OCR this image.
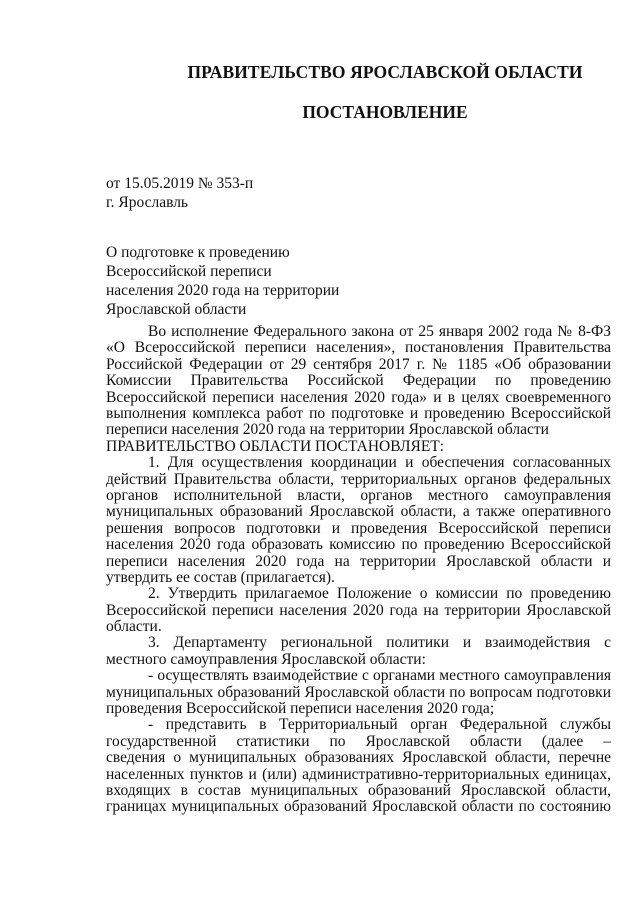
ПРАВИТЕЛЬСТВО ЯРОСЛАВСКОЙ ОБЛАСТИ
ПОСТАНОВЛЕНИЕ
от 15.05.2019 № 353-п
г. Ярославль
О подготовке к проведению
Всероссийской переписи
населения 2020 года на территории
Ярославской области
Во исполнение Федерального закона от 25 января 2002 года № 8-ФЗ
«О Всероссийской переписи населения», постановления Правительства
Российской Федерации от 29 сентября 2017 г. № 1185 «Об образовании
Комиссии Правительства Российской Федерации по проведению
Всероссийской переписи населения 2020 года» и в целях своевременного
выполнения комплекса работ по подготовке и проведению Всероссийской
переписи населения 2020 года на территории Ярославской области
ПРАВИТЕЛЬСТВО ОБЛАСТИ ПОСТАНОВЛЯЕТ:
1. Для осуществления координации и обеспечения согласованных
действий Правительства области, территориальных органов федеральных
органов исполнительной власти, органов местного самоуправления
муниципальных образований Ярославской области, а также оперативного
решения вопросов подготовки и проведения Всероссийской переписи
населения 2020 года образовать комиссию по проведению Всероссийской
переписи населения 2020 года на территории Ярославской области и
утвердить ее состав (прилагается).
2. Утвердить прилагаемое Положение о комиссии по проведению
Всероссийской переписи населения 2020 года на территории Ярославской
области.
3. Департаменту региональной политики и взаимодействия с
местного самоуправления Ярославской области:
- осуществлять взаимодействие с органами местного самоуправления
муниципальных образований Ярославской области по вопросам подготовки
проведения Всероссийской переписи населения 2020 года;
- представить в Территориальный орган Федеральной службы
государственной статистики по Ярославской области (далее –
сведения о муниципальных образованиях Ярославской области, перечне
населенных пунктов и (или) административно-территориальных единицах,
входящих в состав муниципальных образований Ярославской области,
границах муниципальных образований Ярославской области по состоянию
